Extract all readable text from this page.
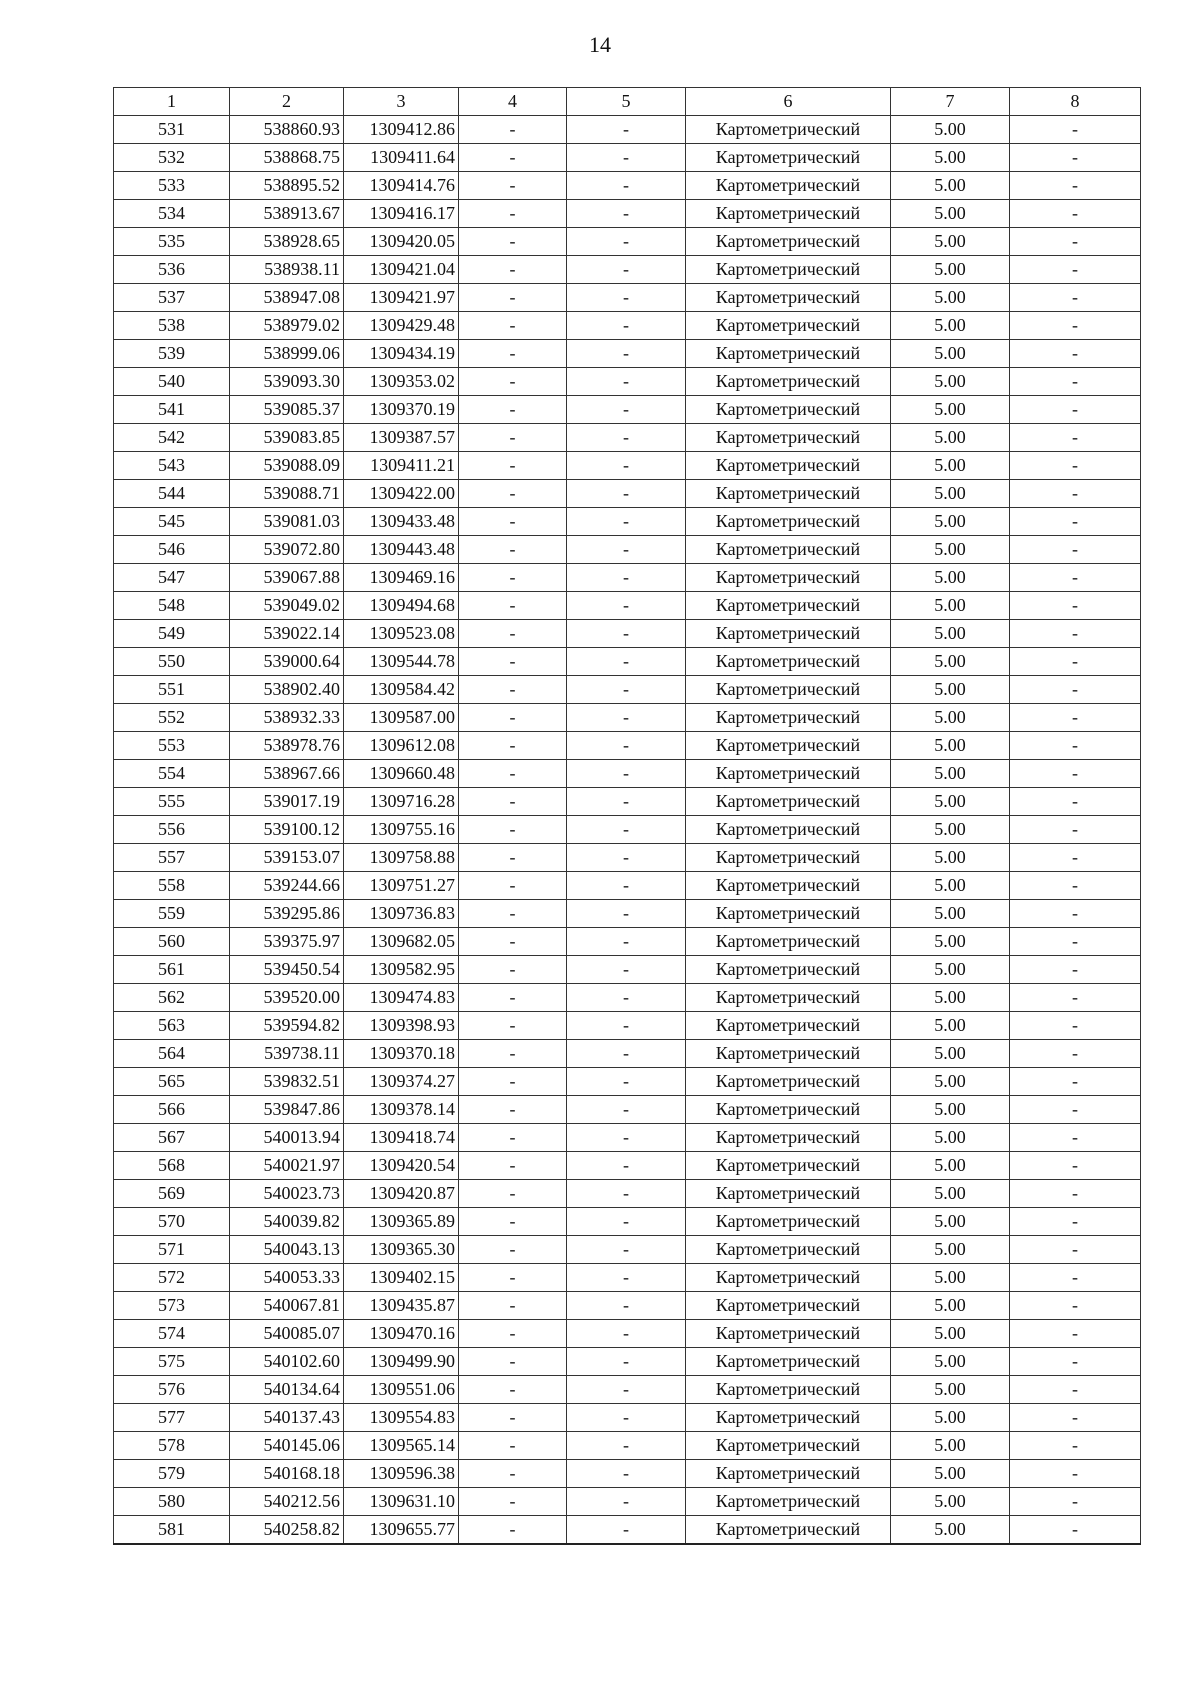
14
1	2	3	4	5	6	7	8
531	538860.93	1309412.86	-	-	Картометрический	5.00	-
532	538868.75	1309411.64	-	-	Картометрический	5.00	-
533	538895.52	1309414.76	-	-	Картометрический	5.00	-
534	538913.67	1309416.17	-	-	Картометрический	5.00	-
535	538928.65	1309420.05	-	-	Картометрический	5.00	-
536	538938.11	1309421.04	-	-	Картометрический	5.00	-
537	538947.08	1309421.97	-	-	Картометрический	5.00	-
538	538979.02	1309429.48	-	-	Картометрический	5.00	-
539	538999.06	1309434.19	-	-	Картометрический	5.00	-
540	539093.30	1309353.02	-	-	Картометрический	5.00	-
541	539085.37	1309370.19	-	-	Картометрический	5.00	-
542	539083.85	1309387.57	-	-	Картометрический	5.00	-
543	539088.09	1309411.21	-	-	Картометрический	5.00	-
544	539088.71	1309422.00	-	-	Картометрический	5.00	-
545	539081.03	1309433.48	-	-	Картометрический	5.00	-
546	539072.80	1309443.48	-	-	Картометрический	5.00	-
547	539067.88	1309469.16	-	-	Картометрический	5.00	-
548	539049.02	1309494.68	-	-	Картометрический	5.00	-
549	539022.14	1309523.08	-	-	Картометрический	5.00	-
550	539000.64	1309544.78	-	-	Картометрический	5.00	-
551	538902.40	1309584.42	-	-	Картометрический	5.00	-
552	538932.33	1309587.00	-	-	Картометрический	5.00	-
553	538978.76	1309612.08	-	-	Картометрический	5.00	-
554	538967.66	1309660.48	-	-	Картометрический	5.00	-
555	539017.19	1309716.28	-	-	Картометрический	5.00	-
556	539100.12	1309755.16	-	-	Картометрический	5.00	-
557	539153.07	1309758.88	-	-	Картометрический	5.00	-
558	539244.66	1309751.27	-	-	Картометрический	5.00	-
559	539295.86	1309736.83	-	-	Картометрический	5.00	-
560	539375.97	1309682.05	-	-	Картометрический	5.00	-
561	539450.54	1309582.95	-	-	Картометрический	5.00	-
562	539520.00	1309474.83	-	-	Картометрический	5.00	-
563	539594.82	1309398.93	-	-	Картометрический	5.00	-
564	539738.11	1309370.18	-	-	Картометрический	5.00	-
565	539832.51	1309374.27	-	-	Картометрический	5.00	-
566	539847.86	1309378.14	-	-	Картометрический	5.00	-
567	540013.94	1309418.74	-	-	Картометрический	5.00	-
568	540021.97	1309420.54	-	-	Картометрический	5.00	-
569	540023.73	1309420.87	-	-	Картометрический	5.00	-
570	540039.82	1309365.89	-	-	Картометрический	5.00	-
571	540043.13	1309365.30	-	-	Картометрический	5.00	-
572	540053.33	1309402.15	-	-	Картометрический	5.00	-
573	540067.81	1309435.87	-	-	Картометрический	5.00	-
574	540085.07	1309470.16	-	-	Картометрический	5.00	-
575	540102.60	1309499.90	-	-	Картометрический	5.00	-
576	540134.64	1309551.06	-	-	Картометрический	5.00	-
577	540137.43	1309554.83	-	-	Картометрический	5.00	-
578	540145.06	1309565.14	-	-	Картометрический	5.00	-
579	540168.18	1309596.38	-	-	Картометрический	5.00	-
580	540212.56	1309631.10	-	-	Картометрический	5.00	-
581	540258.82	1309655.77	-	-	Картометрический	5.00	-
